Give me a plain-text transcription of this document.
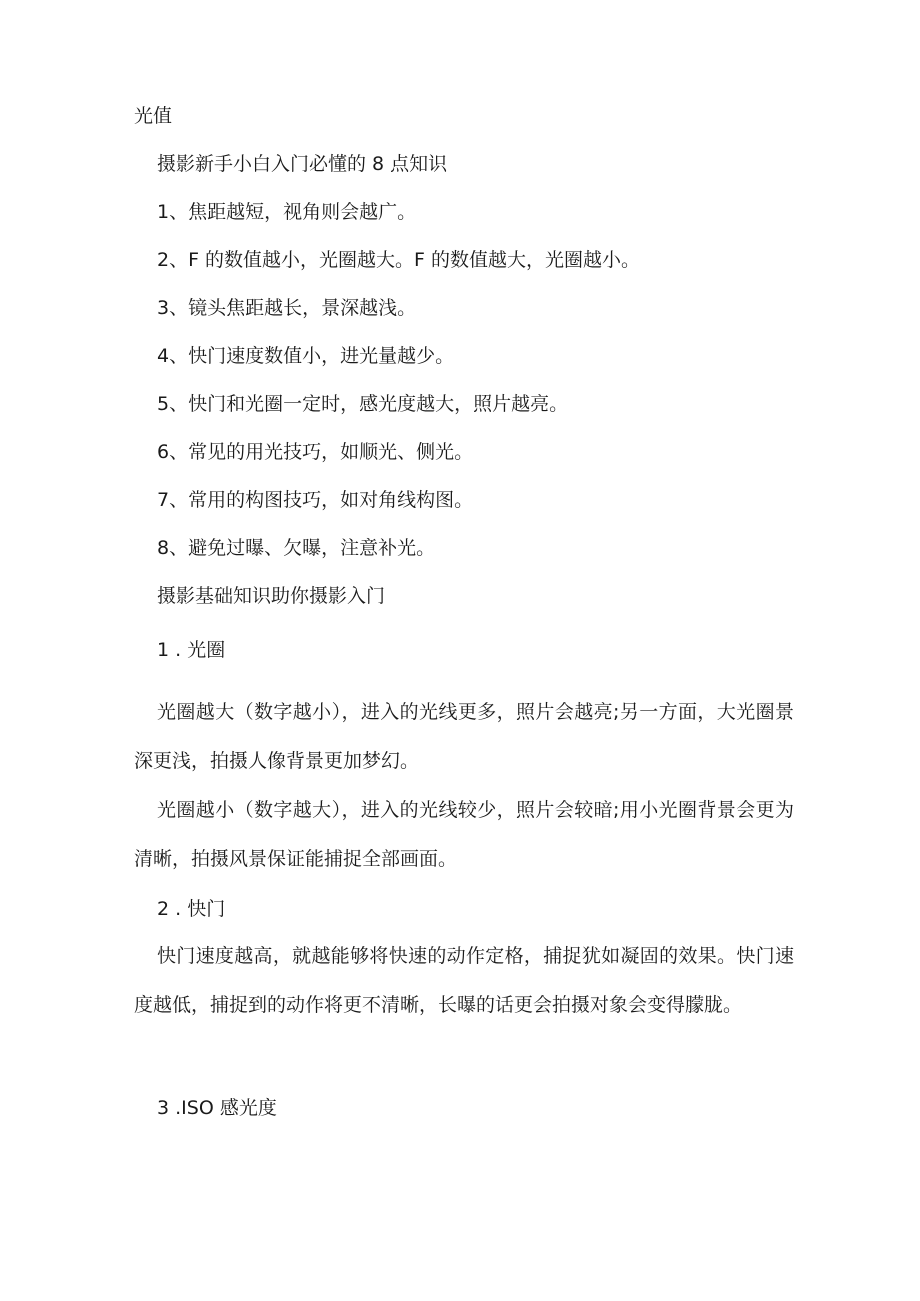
光值
摄影新手小白入门必懂的 8 点知识
1、焦距越短，视角则会越广。
2、F 的数值越小，光圈越大。F 的数值越大，光圈越小。
3、镜头焦距越长，景深越浅。
4、快门速度数值小，进光量越少。
5、快门和光圈一定时，感光度越大，照片越亮。
6、常见的用光技巧，如顺光、侧光。
7、常用的构图技巧，如对角线构图。
8、避免过曝、欠曝，注意补光。
摄影基础知识助你摄影入门
1 . 光圈
光圈越大（数字越小），进入的光线更多，照片会越亮;另一方面，大光圈景深更浅，拍摄人像背景更加梦幻。
光圈越小（数字越大），进入的光线较少，照片会较暗;用小光圈背景会更为清晰，拍摄风景保证能捕捉全部画面。
2 . 快门
快门速度越高，就越能够将快速的动作定格，捕捉犹如凝固的效果。快门速度越低，捕捉到的动作将更不清晰，长曝的话更会拍摄对象会变得朦胧。
3 .ISO 感光度
